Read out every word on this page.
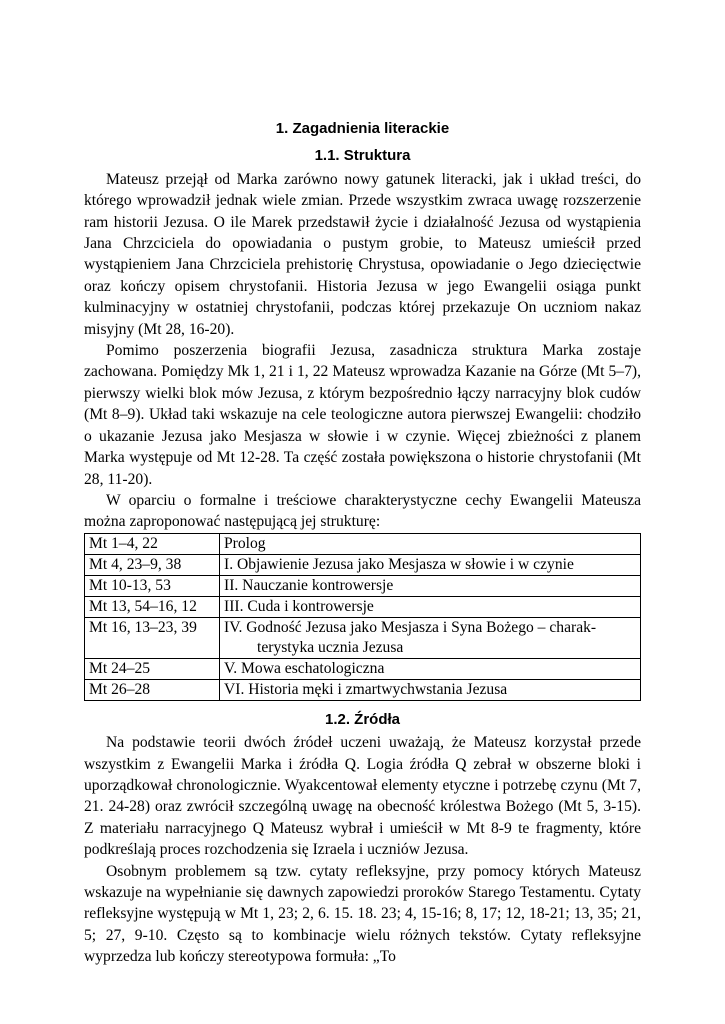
1. Zagadnienia literackie
1.1. Struktura

Mateusz przejął od Marka zarówno nowy gatunek literacki, jak i układ treści, do którego wprowadził jednak wiele zmian. Przede wszystkim zwraca uwagę rozszerzenie ram historii Jezusa. O ile Marek przedstawił życie i działalność Jezusa od wystąpienia Jana Chrzciciela do opowiadania o pustym grobie, to Mateusz umieścił przed wystąpieniem Jana Chrzciciela prehistorię Chrystusa, opowiadanie o Jego dziecięctwie oraz kończy opisem chrystofanii. Historia Jezusa w jego Ewangelii osiąga punkt kulminacyjny w ostatniej chrystofanii, podczas której przekazuje On uczniom nakaz misyjny (Mt 28, 16-20).

Pomimo poszerzenia biografii Jezusa, zasadnicza struktura Marka zostaje zachowana. Pomiędzy Mk 1, 21 i 1, 22 Mateusz wprowadza Kazanie na Górze (Mt 5–7), pierwszy wielki blok mów Jezusa, z którym bezpośrednio łączy narracyjny blok cudów (Mt 8–9). Układ taki wskazuje na cele teologiczne autora pierwszej Ewangelii: chodziło o ukazanie Jezusa jako Mesjasza w słowie i w czynie. Więcej zbieżności z planem Marka występuje od Mt 12-28. Ta część została powiększona o historie chrystofanii (Mt 28, 11-20).

W oparciu o formalne i treściowe charakterystyczne cechy Ewangelii Mateusza można zaproponować następującą jej strukturę:

Mt 1–4, 22	Prolog
Mt 4, 23–9, 38	I. Objawienie Jezusa jako Mesjasza w słowie i w czynie
Mt 10-13, 53	II. Nauczanie kontrowersje
Mt 13, 54–16, 12	III. Cuda i kontrowersje
Mt 16, 13–23, 39	IV. Godność Jezusa jako Mesjasza i Syna Bożego – charak-
terystyka ucznia Jezusa

Mt 24–25	V. Mowa eschatologiczna
Mt 26–28	VI. Historia męki i zmartwychwstania Jezusa
1.2. Źródła

Na podstawie teorii dwóch źródeł uczeni uważają, że Mateusz korzystał przede wszystkim z Ewangelii Marka i źródła Q. Logia źródła Q zebrał w obszerne bloki i uporządkował chronologicznie. Wyakcentował elementy etyczne i potrzebę czynu (Mt 7, 21. 24-28) oraz zwrócił szczególną uwagę na obecność królestwa Bożego (Mt 5, 3-15). Z materiału narracyjnego Q Mateusz wybrał i umieścił w Mt 8-9 te fragmenty, które podkreślają proces rozchodzenia się Izraela i uczniów Jezusa.

Osobnym problemem są tzw. cytaty refleksyjne, przy pomocy których Mateusz wskazuje na wypełnianie się dawnych zapowiedzi proroków Starego Testamentu. Cytaty refleksyjne występują w Mt 1, 23; 2, 6. 15. 18. 23; 4, 15-16; 8, 17; 12, 18-21; 13, 35; 21, 5; 27, 9-10. Często są to kombinacje wielu różnych tekstów. Cytaty refleksyjne wyprzedza lub kończy stereotypowa formuła: „To
